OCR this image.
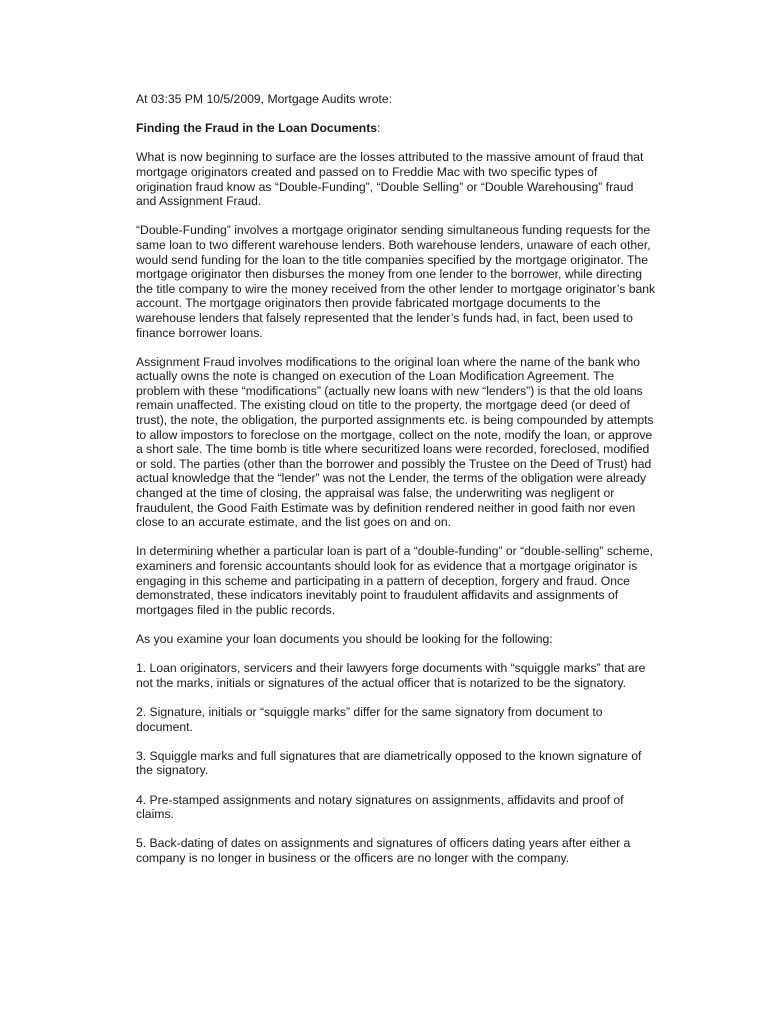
At 03:35 PM 10/5/2009, Mortgage Audits wrote:

Finding the Fraud in the Loan Documents:

What is now beginning to surface are the losses attributed to the massive amount of fraud that mortgage originators created and passed on to Freddie Mac with two specific types of origination fraud know as “Double-Funding”, “Double Selling” or “Double Warehousing” fraud and Assignment Fraud.

“Double-Funding” involves a mortgage originator sending simultaneous funding requests for the same loan to two different warehouse lenders. Both warehouse lenders, unaware of each other, would send funding for the loan to the title companies specified by the mortgage originator. The mortgage originator then disburses the money from one lender to the borrower, while directing the title company to wire the money received from the other lender to mortgage originator’s bank account. The mortgage originators then provide fabricated mortgage documents to the warehouse lenders that falsely represented that the lender’s funds had, in fact, been used to finance borrower loans.

Assignment Fraud involves modifications to the original loan where the name of the bank who actually owns the note is changed on execution of the Loan Modification Agreement. The problem with these “modifications” (actually new loans with new “lenders”) is that the old loans remain unaffected. The existing cloud on title to the property, the mortgage deed (or deed of trust), the note, the obligation, the purported assignments etc. is being compounded by attempts to allow impostors to foreclose on the mortgage, collect on the note, modify the loan, or approve a short sale. The time bomb is title where securitized loans were recorded, foreclosed, modified or sold. The parties (other than the borrower and possibly the Trustee on the Deed of Trust) had actual knowledge that the “lender” was not the Lender, the terms of the obligation were already changed at the time of closing, the appraisal was false, the underwriting was negligent or fraudulent, the Good Faith Estimate was by definition rendered neither in good faith nor even close to an accurate estimate, and the list goes on and on.

In determining whether a particular loan is part of a “double-funding” or “double-selling” scheme, examiners and forensic accountants should look for as evidence that a mortgage originator is engaging in this scheme and participating in a pattern of deception, forgery and fraud. Once demonstrated, these indicators inevitably point to fraudulent affidavits and assignments of mortgages filed in the public records.

As you examine your loan documents you should be looking for the following:

1. Loan originators, servicers and their lawyers forge documents with “squiggle marks” that are not the marks, initials or signatures of the actual officer that is notarized to be the signatory.

2. Signature, initials or “squiggle marks” differ for the same signatory from document to document.

3. Squiggle marks and full signatures that are diametrically opposed to the known signature of the signatory.

4. Pre-stamped assignments and notary signatures on assignments, affidavits and proof of claims.

5. Back-dating of dates on assignments and signatures of officers dating years after either a company is no longer in business or the officers are no longer with the company.
